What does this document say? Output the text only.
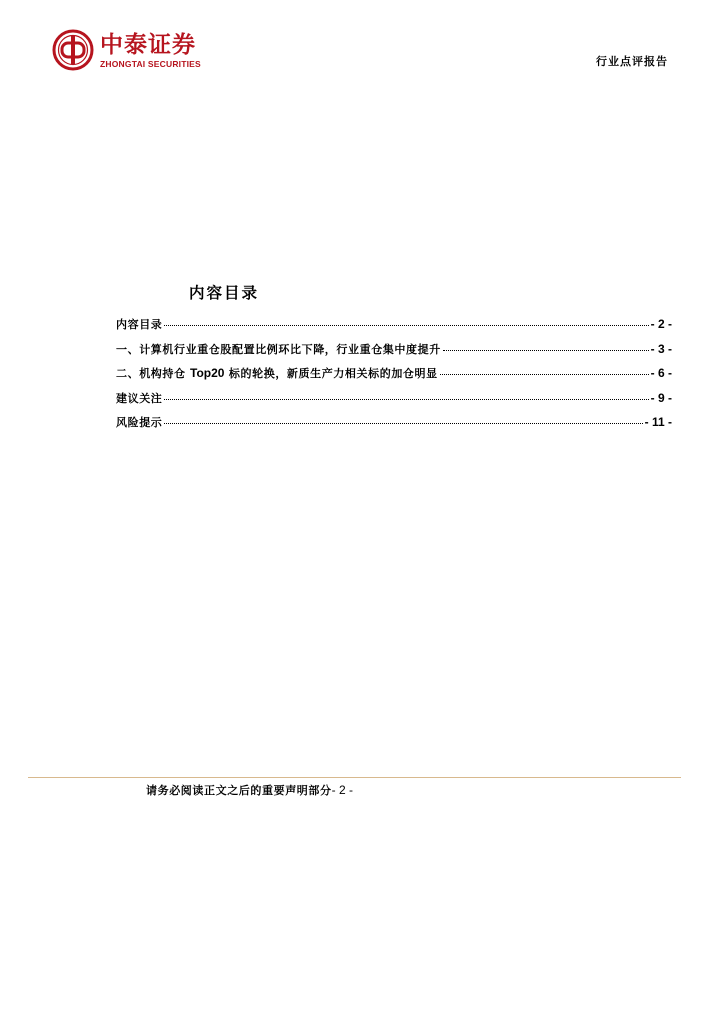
中泰证券
ZHONGTAI SECURITIES	行业点评报告
内容目录
内容目录	- 2 -
一、计算机行业重仓股配置比例环比下降，行业重仓集中度提升	- 3 -
二、机构持仓 Top20 标的轮换，新质生产力相关标的加仓明显	- 6 -
建议关注	- 9 -
风险提示	- 11 -
请务必阅读正文之后的重要声明部分 - 2 -
